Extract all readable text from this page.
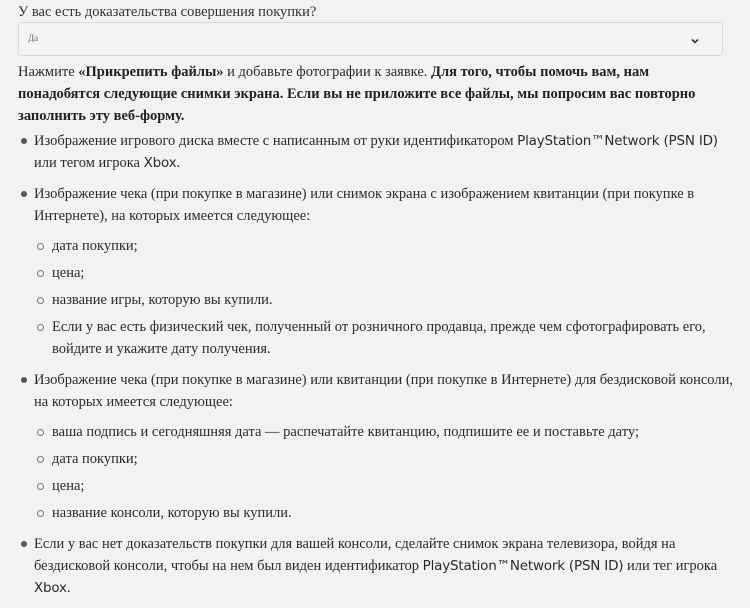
У вас есть доказательства совершения покупки?
Да
Нажмите «Прикрепить файлы» и добавьте фотографии к заявке. Для того, чтобы помочь вам, нам понадобятся следующие снимки экрана. Если вы не приложите все файлы, мы попросим вас повторно заполнить эту веб-форму.
Изображение игрового диска вместе с написанным от руки идентификатором PlayStation™Network (PSN ID) или тегом игрока Xbox.
Изображение чека (при покупке в магазине) или снимок экрана с изображением квитанции (при покупке в Интернете), на которых имеется следующее:
дата покупки;
цена;
название игры, которую вы купили.
Если у вас есть физический чек, полученный от розничного продавца, прежде чем сфотографировать его, войдите и укажите дату получения.
Изображение чека (при покупке в магазине) или квитанции (при покупке в Интернете) для бездисковой консоли, на которых имеется следующее:
ваша подпись и сегодняшняя дата — распечатайте квитанцию, подпишите ее и поставьте дату;
дата покупки;
цена;
название консоли, которую вы купили.
Если у вас нет доказательств покупки для вашей консоли, сделайте снимок экрана телевизора, войдя на бездисковой консоли, чтобы на нем был виден идентификатор PlayStation™Network (PSN ID) или тег игрока Xbox.
